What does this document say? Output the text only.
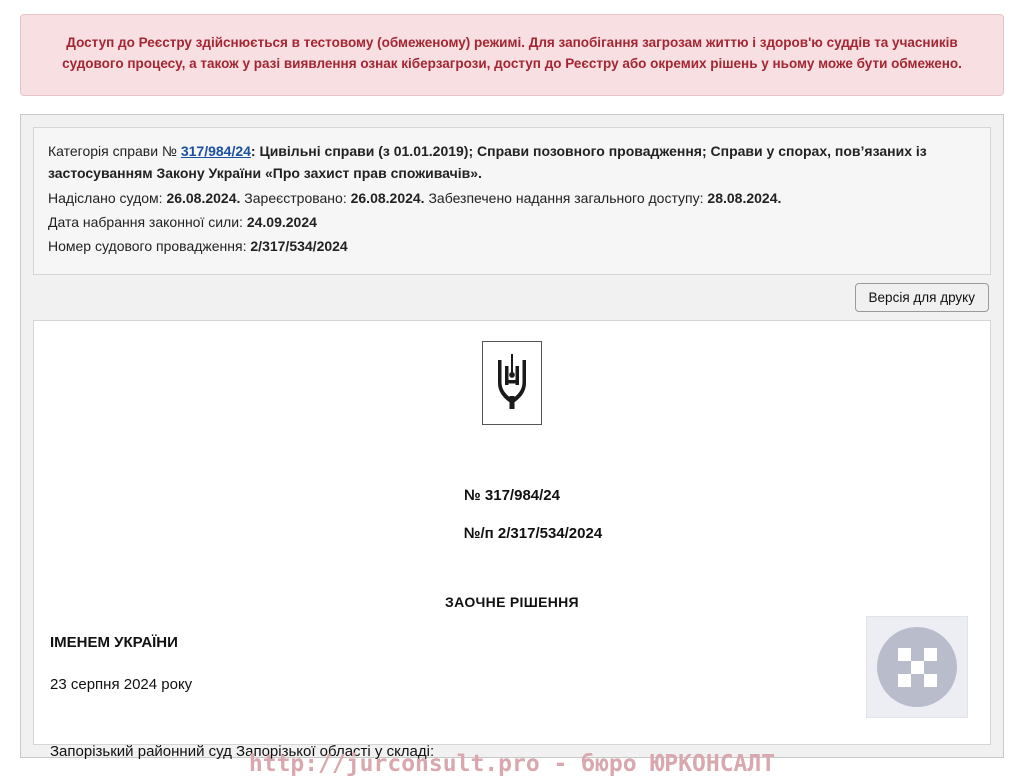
Доступ до Реєстру здійснюється в тестовому (обмеженому) режимі. Для запобігання загрозам життю і здоров'ю суддів та учасників судового процесу, а також у разі виявлення ознак кіберзагрози, доступ до Реєстру або окремих рішень у ньому може бути обмежено.
Категорія справи № 317/984/24: Цивільні справи (з 01.01.2019); Справи позовного провадження; Справи у спорах, пов’язаних із застосуванням Закону України «Про захист прав споживачів».
Надіслано судом: 26.08.2024. Зареєстровано: 26.08.2024. Забезпечено надання загального доступу: 28.08.2024.
Дата набрання законної сили: 24.09.2024
Номер судового провадження: 2/317/534/2024
Версія для друку
№ 317/984/24
№/п 2/317/534/2024
ЗАОЧНЕ РІШЕННЯ
ІМЕНЕМ УКРАЇНИ
23 серпня 2024 року
Запорізький районний суд Запорізької області у складі:
http://jurconsult.pro - бюро ЮРКОНСАЛТ
